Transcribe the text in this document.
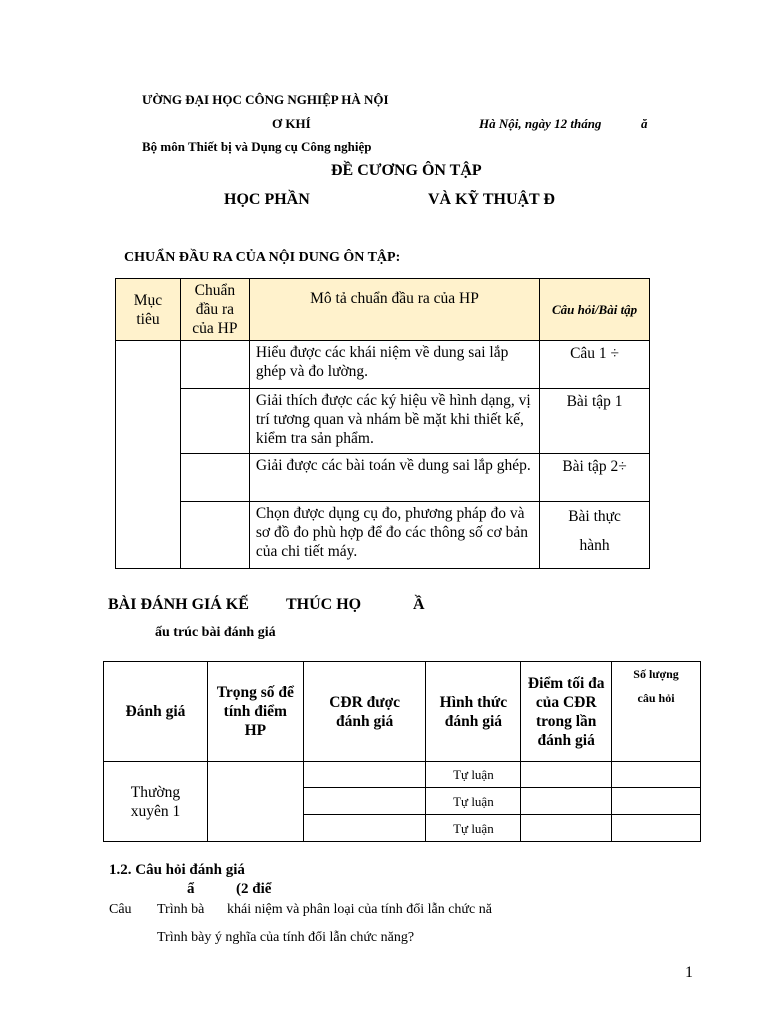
ƯỜNG ĐẠI HỌC CÔNG NGHIỆP HÀ NỘI
Ơ KHÍ	Hà Nội, ngày 12 tháng	ă
Bộ môn Thiết bị và Dụng cụ Công nghiệp
ĐỀ CƯƠNG ÔN TẬP
HỌC PHẦN	VÀ KỸ THUẬT Đ
CHUẨN ĐẦU RA CỦA NỘI DUNG ÔN TẬP:
Mục tiêu	Chuẩn đầu ra của HP	Mô tả chuẩn đầu ra của HP	Câu hỏi/Bài tập
		Hiểu được các khái niệm về dung sai lắp ghép và đo lường.	Câu 1 ÷
		Giải thích được các ký hiệu về hình dạng, vị trí tương quan và nhám bề mặt khi thiết kế, kiểm tra sản phẩm.	Bài tập 1
		Giải được các bài toán về dung sai lắp ghép.	Bài tập 2÷
		Chọn được dụng cụ đo, phương pháp đo và sơ đồ đo phù hợp để đo các thông số cơ bản của chi tiết máy.	Bài thực hành
BÀI ĐÁNH GIÁ KẾ THÚC HỌ	Ầ
ấu trúc bài đánh giá
Đánh giá	Trọng số để tính điểm HP	CĐR được đánh giá	Hình thức đánh giá	Điểm tối đa của CĐR trong lần đánh giá	Số lượng câu hỏi
Thường xuyên 1			Tự luận		
			Tự luận		
			Tự luận		
1.2. Câu hỏi đánh giá
ẩ	(2 điể
Câu Trình bà khái niệm và phân loại của tính đổi lẫn chức nă
Trình bày ý nghĩa của tính đổi lẫn chức năng?
1
